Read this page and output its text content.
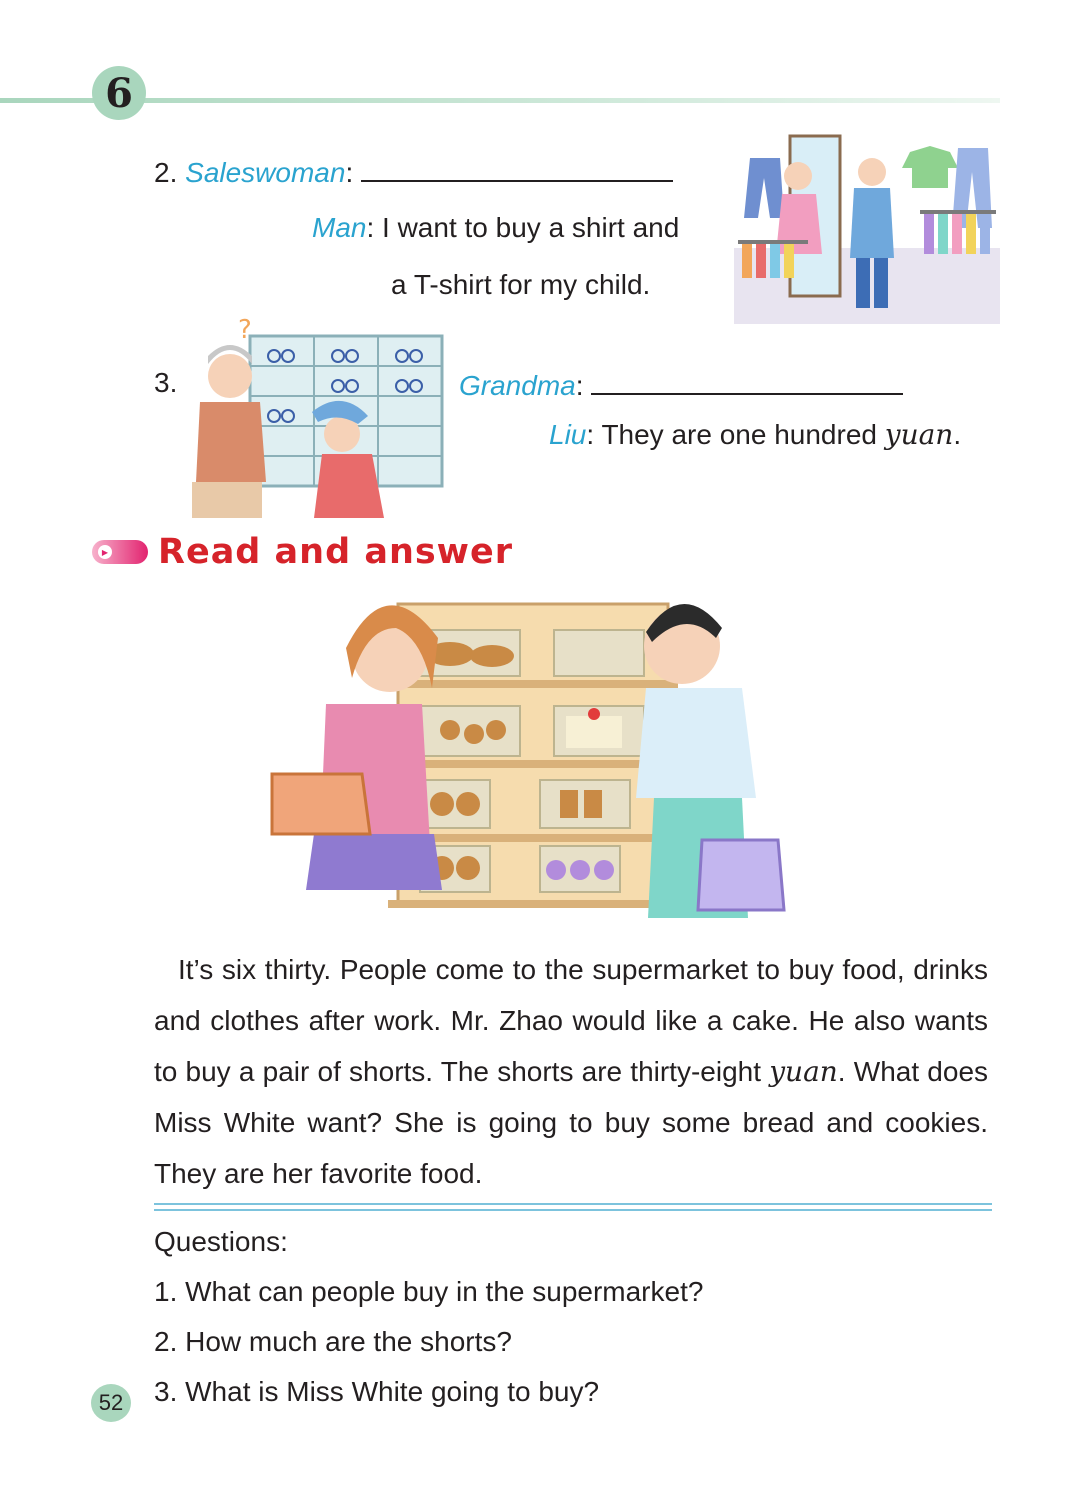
6
2. Saleswoman:
Man: I want to buy a shirt and
a T-shirt for my child.
3.	Grandma:
Liu: They are one hundred yuan.
?
▶ Read and answer
It’s six thirty. People come to the supermarket to buy food, drinks and clothes after work. Mr. Zhao would like a cake. He also wants to buy a pair of shorts. The shorts are thirty-eight yuan. What does Miss White want? She is going to buy some bread and cookies. They are her favorite food.
Questions:
1. What can people buy in the supermarket?
2. How much are the shorts?
3. What is Miss White going to buy?
52
